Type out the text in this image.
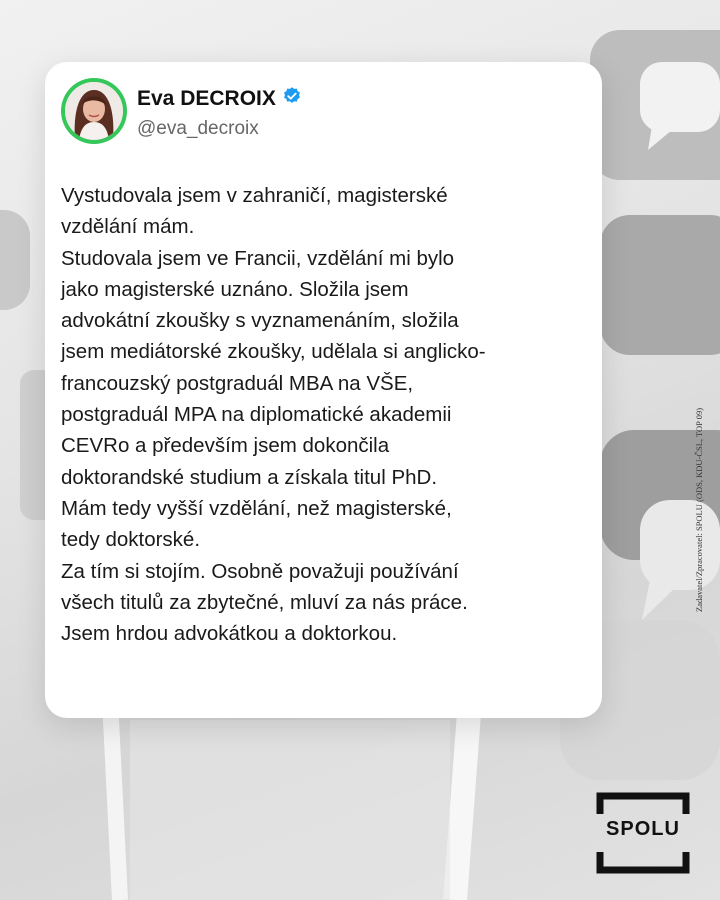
Eva DECROIX
@eva_decroix
Vystudovala jsem v zahraničí, magisterské
vzdělání mám.
Studovala jsem ve Francii, vzdělání mi bylo
jako magisterské uznáno. Složila jsem
advokátní zkoušky s vyznamenáním, složila
jsem mediátorské zkoušky, udělala si anglicko-
francouzský postgraduál MBA na VŠE,
postgraduál MPA na diplomatické akademii
CEVRo a především jsem dokončila
doktorandské studium a získala titul PhD.
Mám tedy vyšší vzdělání, než magisterské,
tedy doktorské.
Za tím si stojím. Osobně považuji používání
všech titulů za zbytečné, mluví za nás práce.
Jsem hrdou advokátkou a doktorkou.
Zadavatel/Zpracovatel: SPOLU (ODS, KDU-ČSL, TOP 09)
SPOLU
